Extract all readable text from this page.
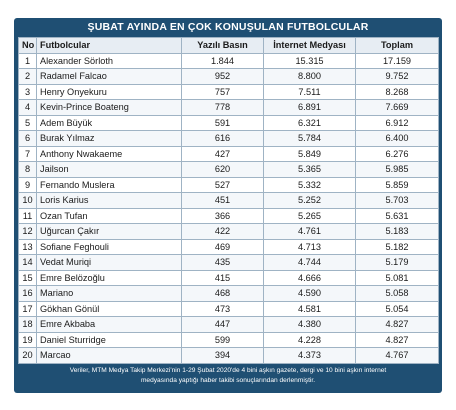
ŞUBAT AYINDA EN ÇOK KONUŞULAN FUTBOLCULAR
No	Futbolcular	Yazılı Basın	İnternet Medyası	Toplam
1	Alexander Sörloth	1.844	15.315	17.159
2	Radamel Falcao	952	8.800	9.752
3	Henry Onyekuru	757	7.511	8.268
4	Kevin-Prince Boateng	778	6.891	7.669
5	Adem Büyük	591	6.321	6.912
6	Burak Yılmaz	616	5.784	6.400
7	Anthony Nwakaeme	427	5.849	6.276
8	Jailson	620	5.365	5.985
9	Fernando Muslera	527	5.332	5.859
10	Loris Karius	451	5.252	5.703
11	Ozan Tufan	366	5.265	5.631
12	Uğurcan Çakır	422	4.761	5.183
13	Sofiane Feghouli	469	4.713	5.182
14	Vedat Muriqi	435	4.744	5.179
15	Emre Belözoğlu	415	4.666	5.081
16	Mariano	468	4.590	5.058
17	Gökhan Gönül	473	4.581	5.054
18	Emre Akbaba	447	4.380	4.827
19	Daniel Sturridge	599	4.228	4.827
20	Marcao	394	4.373	4.767
Veriler, MTM Medya Takip Merkezi'nin 1-29 Şubat 2020'de 4 bini aşkın gazete, dergi ve 10 bini aşkın internet
medyasında yaptığı haber takibi sonuçlarından derlenmiştir.
